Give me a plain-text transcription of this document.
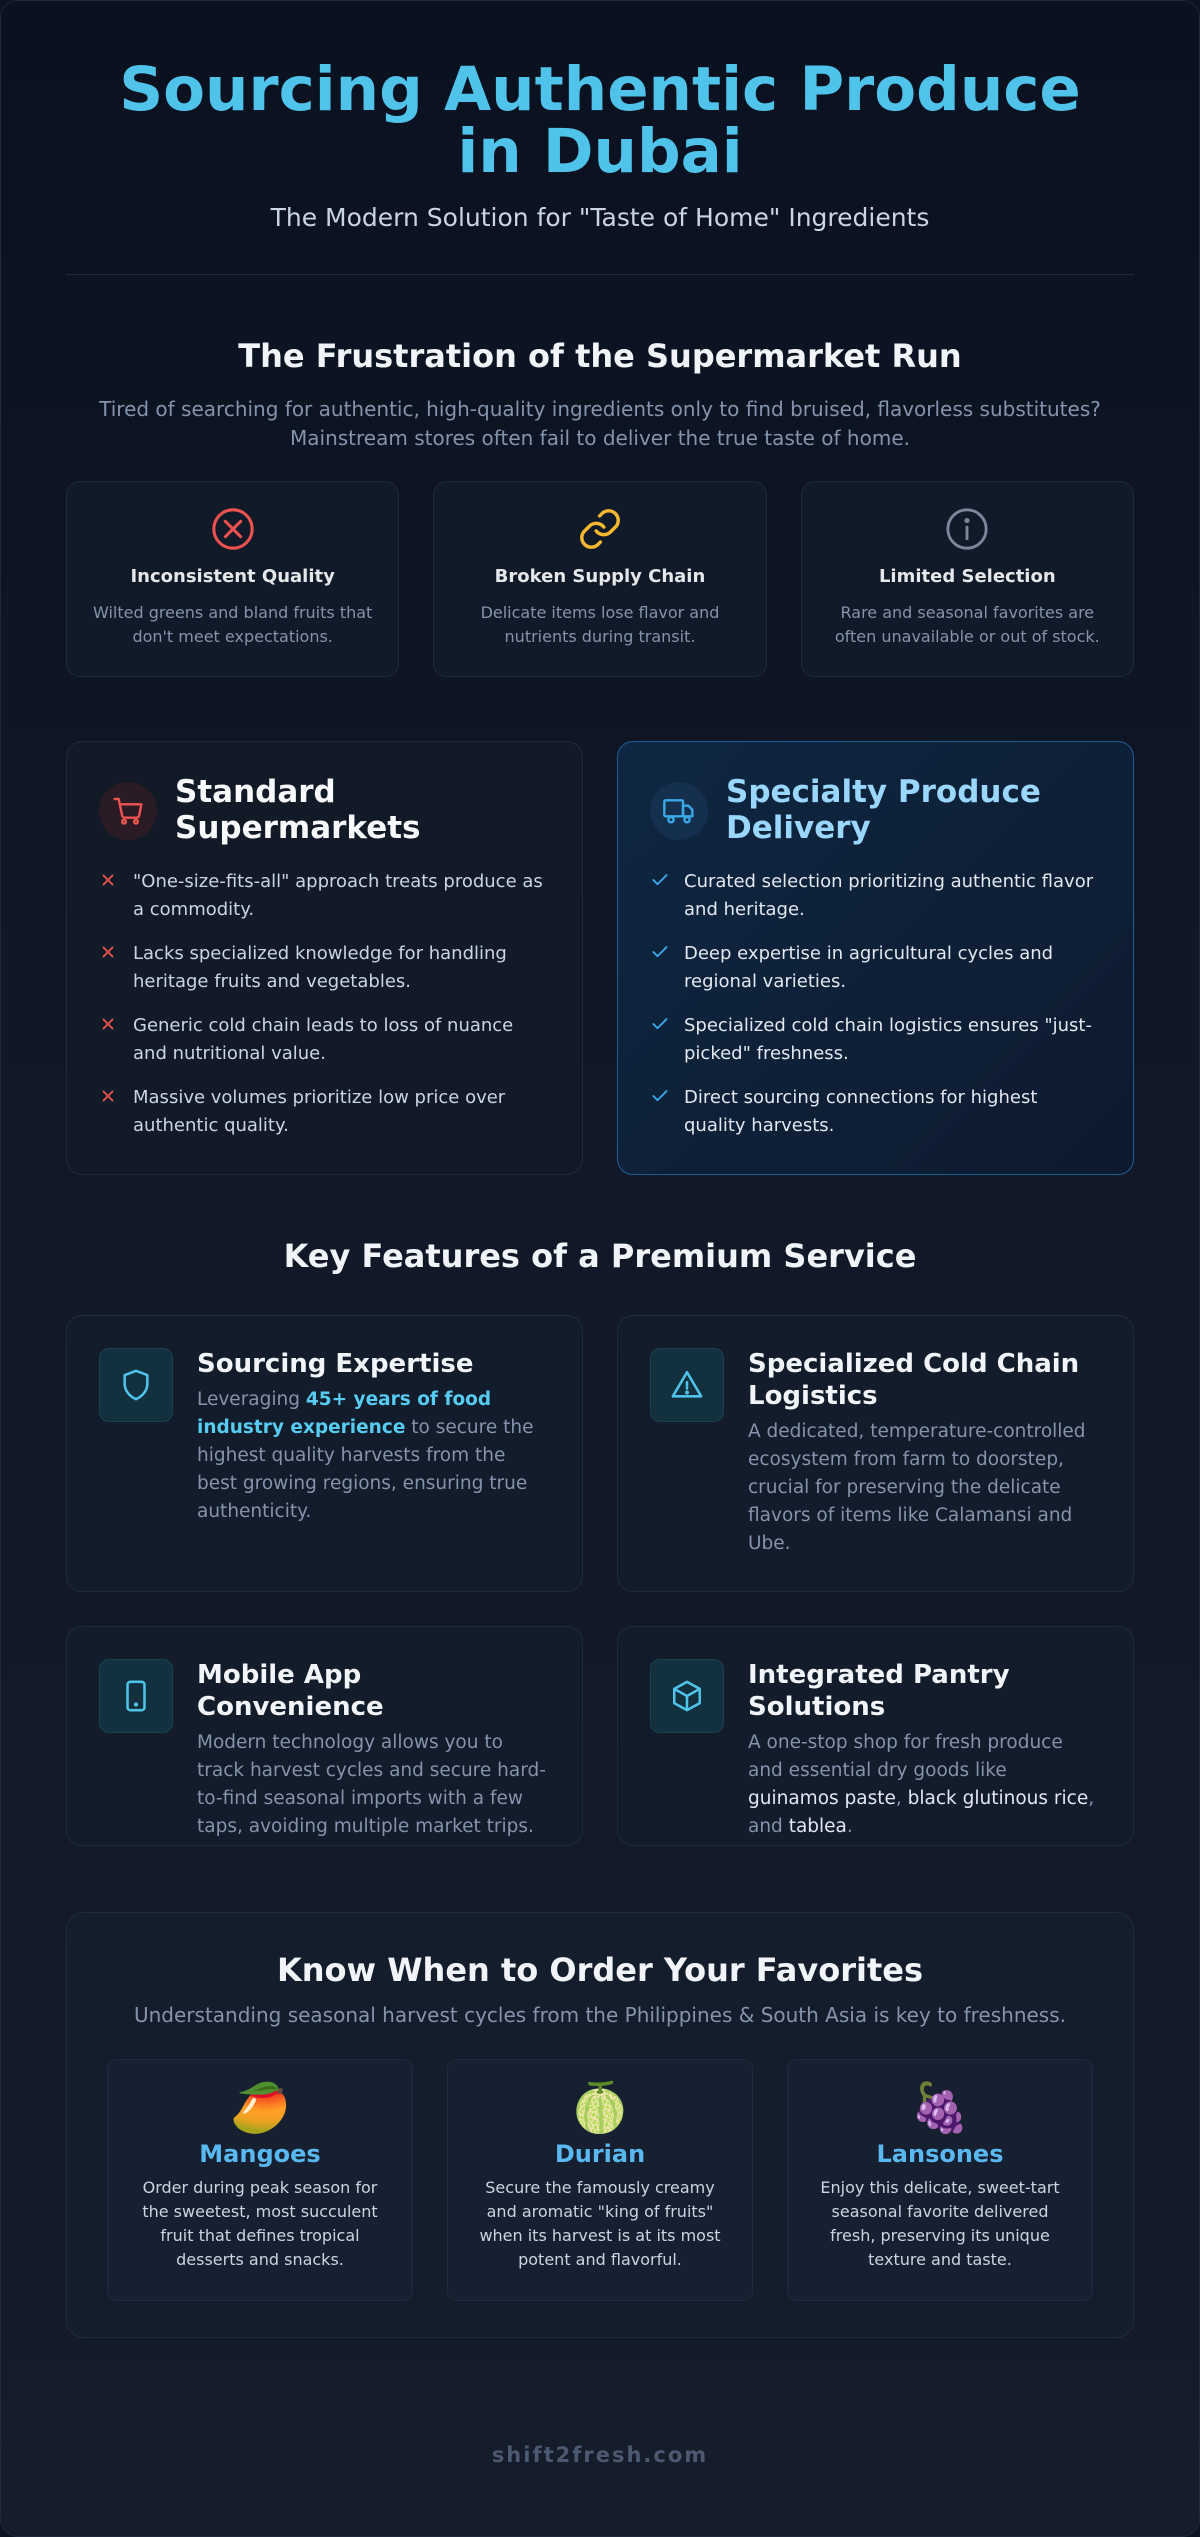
Sourcing Authentic Produce in Dubai
The Modern Solution for "Taste of Home" Ingredients
The Frustration of the Supermarket Run
Tired of searching for authentic, high-quality ingredients only to find bruised, flavorless substitutes? Mainstream stores often fail to deliver the true taste of home.
Inconsistent Quality
Wilted greens and bland fruits that don't meet expectations.
Broken Supply Chain
Delicate items lose flavor and nutrients during transit.
Limited Selection
Rare and seasonal favorites are often unavailable or out of stock.
Standard Supermarkets
"One-size-fits-all" approach treats produce as a commodity.
Lacks specialized knowledge for handling heritage fruits and vegetables.
Generic cold chain leads to loss of nuance and nutritional value.
Massive volumes prioritize low price over authentic quality.
Specialty Produce Delivery
Curated selection prioritizing authentic flavor and heritage.
Deep expertise in agricultural cycles and regional varieties.
Specialized cold chain logistics ensures "just-picked" freshness.
Direct sourcing connections for highest quality harvests.
Key Features of a Premium Service
Sourcing Expertise

Leveraging 45+ years of food industry experience to secure the highest quality harvests from the best growing regions, ensuring true authenticity.

Specialized Cold Chain Logistics

A dedicated, temperature-controlled ecosystem from farm to doorstep, crucial for preserving the delicate flavors of items like Calamansi and Ube.

Mobile App Convenience

Modern technology allows you to track harvest cycles and secure hard-to-find seasonal imports with a few taps, avoiding multiple market trips.

Integrated Pantry Solutions

A one-stop shop for fresh produce and essential dry goods like guinamos paste, black glutinous rice, and tablea.

Know When to Order Your Favorites
Understanding seasonal harvest cycles from the Philippines & South Asia is key to freshness.
🥭
Mangoes
Order during peak season for the sweetest, most succulent fruit that defines tropical desserts and snacks.
🍈
Durian
Secure the famously creamy and aromatic "king of fruits" when its harvest is at its most potent and flavorful.
🍇
Lansones
Enjoy this delicate, sweet-tart seasonal favorite delivered fresh, preserving its unique texture and taste.
shift2fresh.com
